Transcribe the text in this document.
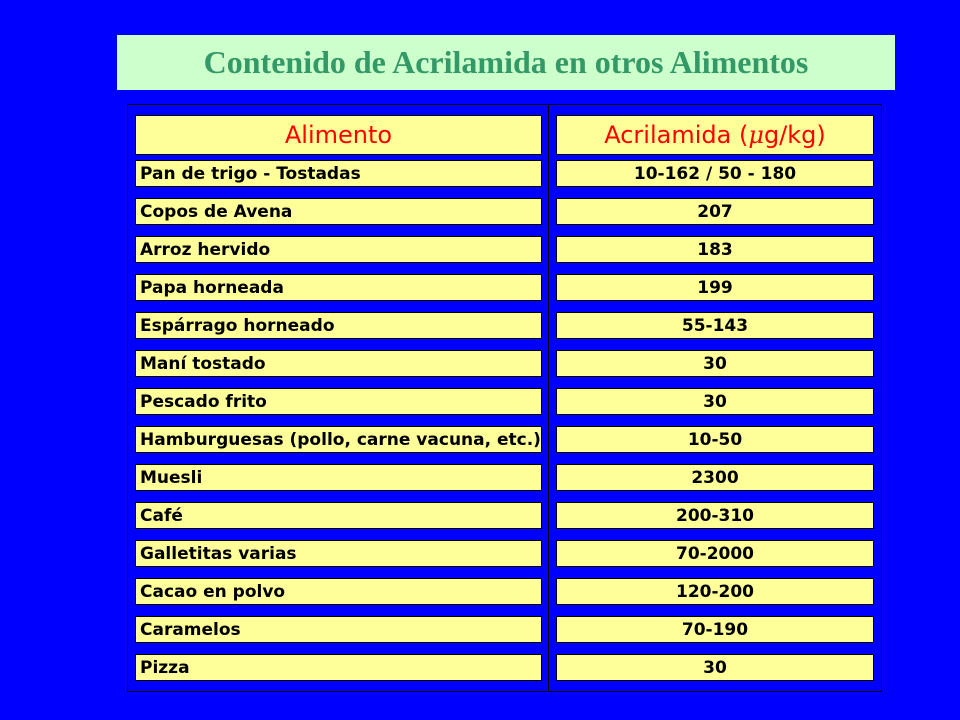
Contenido de Acrilamida en otros Alimentos
Alimento	Acrilamida (μg/kg)
Pan de trigo - Tostadas	10-162 / 50 - 180
Copos de Avena	207
Arroz hervido	183
Papa horneada	199
Espárrago horneado	55-143
Maní tostado	30
Pescado frito	30
Hamburguesas (pollo, carne vacuna, etc.)	10-50
Muesli	2300
Café	200-310
Galletitas varias	70-2000
Cacao en polvo	120-200
Caramelos	70-190
Pizza	30
